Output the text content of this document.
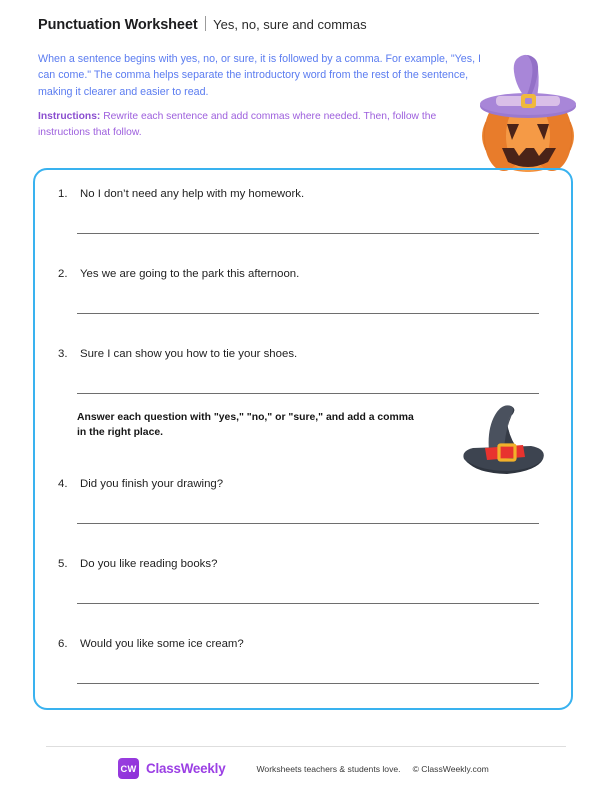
Punctuation Worksheet Yes, no, sure and commas
When a sentence begins with yes, no, or sure, it is followed by a comma. For example, "Yes, I can come." The comma helps separate the introductory word from the rest of the sentence, making it clearer and easier to read.
Instructions: Rewrite each sentence and add commas where needed. Then, follow the instructions that follow.
1.	No I don’t need any help with my homework.
2.	Yes we are going to the park this afternoon.
3.	Sure I can show you how to tie your shoes.
Answer each question with "yes," "no," or "sure," and add a comma in the right place.
4.	Did you finish your drawing?
5.	Do you like reading books?
6.	Would you like some ice cream?
CW ClassWeekly	Worksheets teachers & students love. © ClassWeekly.com
